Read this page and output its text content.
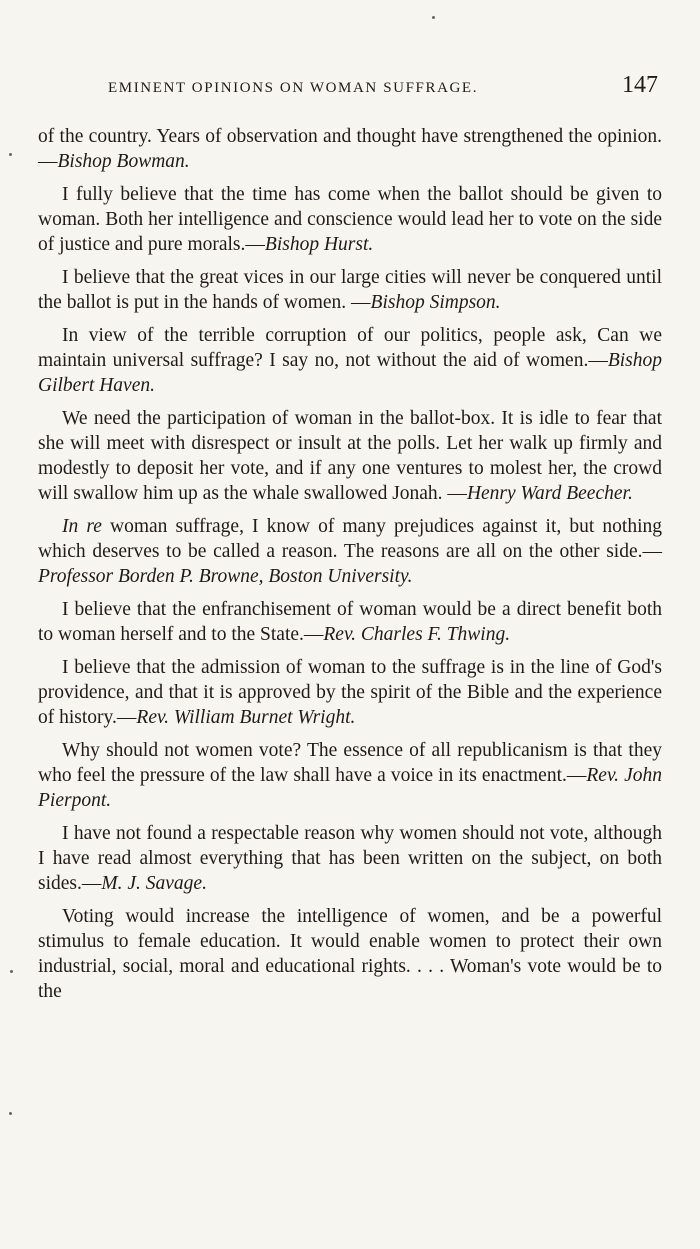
EMINENT OPINIONS ON WOMAN SUFFRAGE.	147

of the country. Years of observation and thought have strengthened the opinion.—Bishop Bowman.

I fully believe that the time has come when the ballot should be given to woman. Both her intelligence and conscience would lead her to vote on the side of justice and pure morals.—Bishop Hurst.

I believe that the great vices in our large cities will never be conquered until the ballot is put in the hands of women. —Bishop Simpson.

In view of the terrible corruption of our politics, people ask, Can we maintain universal suffrage? I say no, not without the aid of women.—Bishop Gilbert Haven.

We need the participation of woman in the ballot-box. It is idle to fear that she will meet with disrespect or insult at the polls. Let her walk up firmly and modestly to deposit her vote, and if any one ventures to molest her, the crowd will swallow him up as the whale swallowed Jonah. —Henry Ward Beecher.

In re woman suffrage, I know of many prejudices against it, but nothing which deserves to be called a reason. The reasons are all on the other side.—Professor Borden P. Browne, Boston University.

I believe that the enfranchisement of woman would be a direct benefit both to woman herself and to the State.—Rev. Charles F. Thwing.

I believe that the admission of woman to the suffrage is in the line of God's providence, and that it is approved by the spirit of the Bible and the experience of history.—Rev. William Burnet Wright.

Why should not women vote? The essence of all republicanism is that they who feel the pressure of the law shall have a voice in its enactment.—Rev. John Pierpont.

I have not found a respectable reason why women should not vote, although I have read almost everything that has been written on the subject, on both sides.—M. J. Savage.

Voting would increase the intelligence of women, and be a powerful stimulus to female education. It would enable women to protect their own industrial, social, moral and educational rights. . . . Woman's vote would be to the
